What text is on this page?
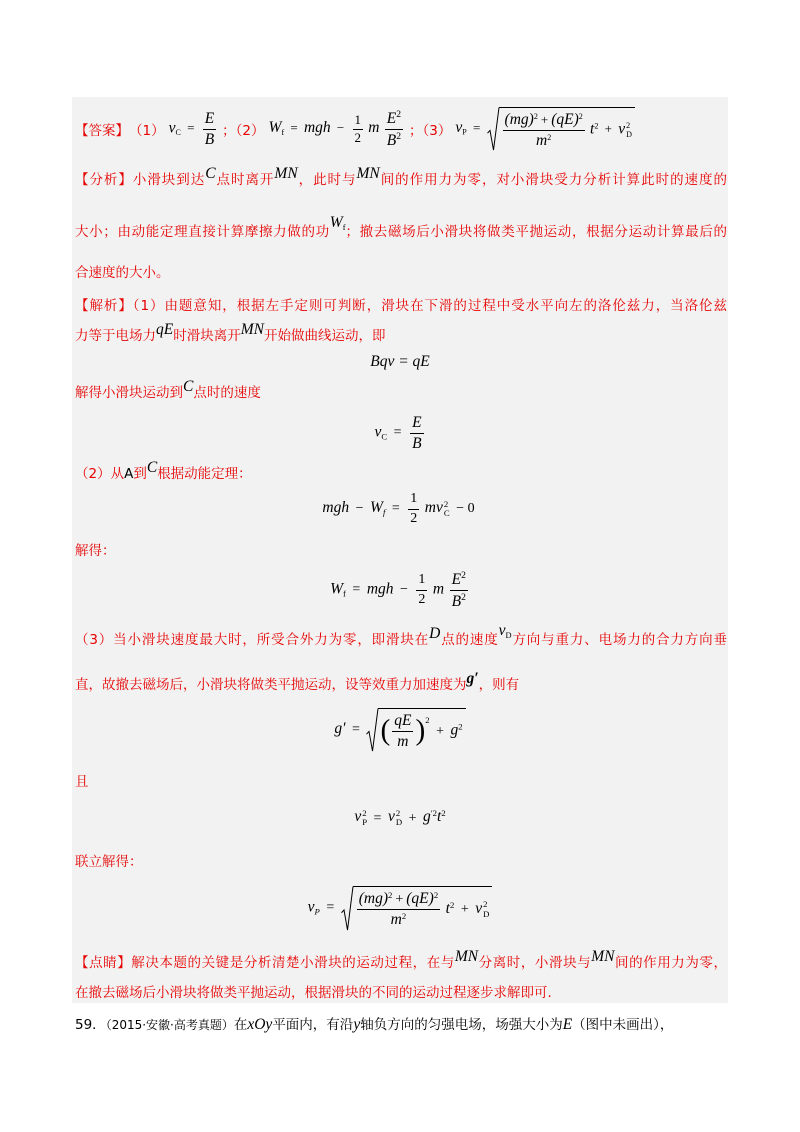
【答案】 （1） $v_C = \frac{E}{B}$ ；（2） $W_f$ = mgh − $\frac{1}{2}$ m $\frac{E^2}{B^2}$ ；（3） $v_P = \frac{(mg)^2 + (qE)^2}{m^2} t^2 + v$ 2
D
【分析】小滑块到达C点时离开MN，此时与MN间的作用力为零，对小滑块受力分析计算此时的速度的
大小；由动能定理直接计算摩擦力做的功$W_f$；撤去磁场后小滑块将做类平抛运动，根据分运动计算最后的
合速度的大小。
【解析】（1）由题意知，根据左手定则可判断，滑块在下滑的过程中受水平向左的洛伦兹力，当洛伦兹
力等于电场力qE时滑块离开MN开始做曲线运动，即
Bqv = qE
解得小滑块运动到C点时的速度
$v_C = \frac{E}{B}$
（2）从A到C根据动能定理：
mgh − $W_f = \frac{1}{2}$ mv 2
C − 0
解得：
$W_f$ = mgh − $\frac{1}{2}$ m $\frac{E^2}{B^2}$
（3）当小滑块速度最大时，所受合外力为零，即滑块在D点的速度$v_D$方向与重力、电场力的合力方向垂
直，故撤去磁场后，小滑块将做类平抛运动，设等效重力加速度为g′，则有
g′ = ( $\frac{qE}{m} )^2 + g^2$
且
v 2
P = v 2
$D + g^{'2}t^2$
联立解得：
$v_P = \frac{(mg)^2 + (qE)^2}{m^2} t^2 + v$ 2
D
【点睛】解决本题的关键是分析清楚小滑块的运动过程，在与MN分离时，小滑块与MN间的作用力为零，
在撤去磁场后小滑块将做类平抛运动，根据滑块的不同的运动过程逐步求解即可.
59．（2015·安徽·高考真题）在xOy平面内，有沿y轴负方向的匀强电场，场强大小为E（图中未画出），
